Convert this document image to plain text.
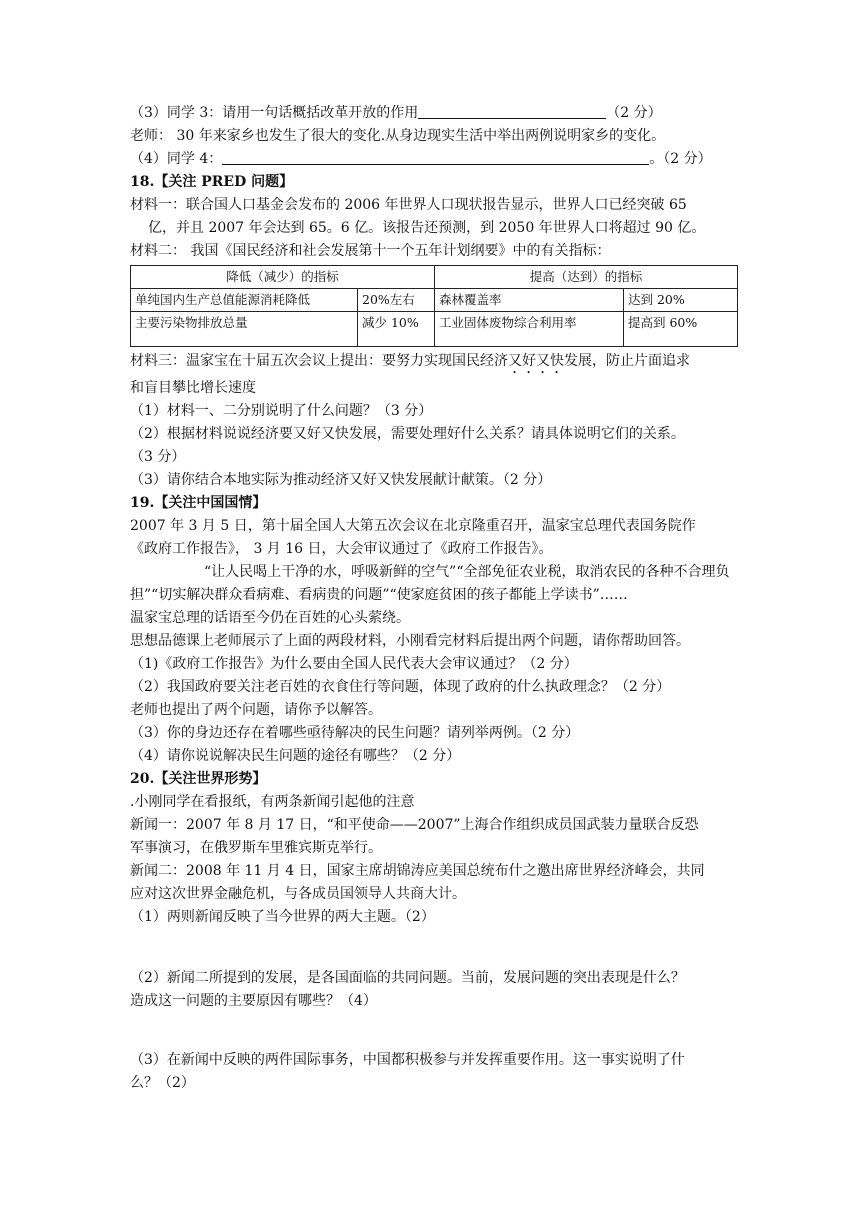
（3）同学 3：请用一句话概括改革开放的作用	（2 分）

老师： 30 年来家乡也发生了很大的变化.从身边现实生活中举出两例说明家乡的变化。

（4）同学 4：	。（2 分）

18.【关注 PRED 问题】

材料一：联合国人口基金会发布的 2006 年世界人口现状报告显示，世界人口已经突破 65

亿，并且 2007 年会达到 65。6 亿。该报告还预测，到 2050 年世界人口将超过 90 亿。

材料二： 我国《国民经济和社会发展第十一个五年计划纲要》中的有关指标：

降低（减少）的指标		提高（达到）的指标	
单纯国内生产总值能源消耗降低	20%左右	森林覆盖率	达到 20%
主要污染物排放总量	减少 10%	工业固体废物综合利用率	提高到 60%

材料三：温家宝在十届五次会议上提出：要努力实现国民经济又好又快发展，防止片面追求

和盲目攀比增长速度

（1）材料一、二分别说明了什么问题？（3 分）

（2）根据材料说说经济要又好又快发展，需要处理好什么关系？请具体说明它们的关系。

（3 分）

（3）请你结合本地实际为推动经济又好又快发展献计献策。（2 分）

19.【关注中国国情】

2007 年 3 月 5 日，第十届全国人大第五次会议在北京隆重召开，温家宝总理代表国务院作

《政府工作报告》， 3 月 16 日，大会审议通过了《政府工作报告》。

“让人民喝上干净的水，呼吸新鲜的空气”“全部免征农业税，取消农民的各种不合理负担”“切实解决群众看病难、看病贵的问题”“使家庭贫困的孩子都能上学读书”……

温家宝总理的话语至今仍在百姓的心头萦绕。

思想品德课上老师展示了上面的两段材料，小刚看完材料后提出两个问题，请你帮助回答。

（1)《政府工作报告》为什么要由全国人民代表大会审议通过？（2 分）

（2）我国政府要关注老百姓的衣食住行等问题，体现了政府的什么执政理念？（2 分）

老师也提出了两个问题，请你予以解答。

（3）你的身边还存在着哪些亟待解决的民生问题？请列举两例。（2 分）

（4）请你说说解决民生问题的途径有哪些？（2 分）

20.【关注世界形势】

.小刚同学在看报纸，有两条新闻引起他的注意

新闻一：2007 年 8 月 17 日，“和平使命——2007”上海合作组织成员国武装力量联合反恐

军事演习，在俄罗斯车里雅宾斯克举行。

新闻二：2008 年 11 月 4 日，国家主席胡锦涛应美国总统布什之邀出席世界经济峰会，共同

应对这次世界金融危机，与各成员国领导人共商大计。

（1）两则新闻反映了当今世界的两大主题。（2）

（2）新闻二所提到的发展，是各国面临的共同问题。当前，发展问题的突出表现是什么？

造成这一问题的主要原因有哪些？（4）

（3）在新闻中反映的两件国际事务，中国都积极参与并发挥重要作用。这一事实说明了什

么？（2）
